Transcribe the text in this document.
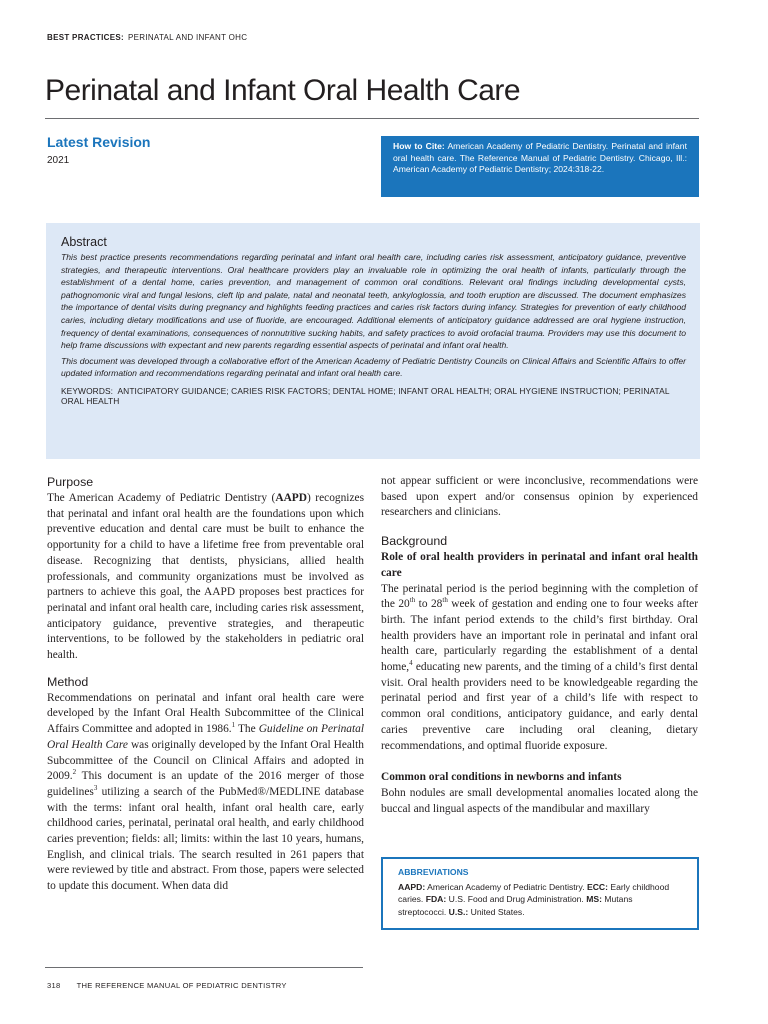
BEST PRACTICES: PERINATAL AND INFANT OHC
Perinatal and Infant Oral Health Care
Latest Revision
2021
How to Cite: American Academy of Pediatric Dentistry. Perinatal and infant oral health care. The Reference Manual of Pediatric Dentistry. Chicago, Ill.: American Academy of Pediatric Dentistry; 2024:318-22.
Abstract

This best practice presents recommendations regarding perinatal and infant oral health care, including caries risk assessment, anticipatory guidance, preventive strategies, and therapeutic interventions. Oral healthcare providers play an invaluable role in optimizing the oral health of infants, particularly through the establishment of a dental home, caries prevention, and management of common oral conditions. Relevant oral findings including developmental cysts, pathognomonic viral and fungal lesions, cleft lip and palate, natal and neonatal teeth, ankyloglossia, and tooth eruption are discussed. The document emphasizes the importance of dental visits during pregnancy and highlights feeding practices and caries risk factors during infancy. Strategies for prevention of early childhood caries, including dietary modifications and use of fluoride, are encouraged. Additional elements of anticipatory guidance addressed are oral hygiene instruction, frequency of dental examinations, consequences of nonnutritive sucking habits, and safety practices to avoid orofacial trauma. Providers may use this document to help frame discussions with expectant and new parents regarding essential aspects of perinatal and infant oral health.

This document was developed through a collaborative effort of the American Academy of Pediatric Dentistry Councils on Clinical Affairs and Scientific Affairs to offer updated information and recommendations regarding perinatal and infant oral health care.

KEYWORDS: ANTICIPATORY GUIDANCE; CARIES RISK FACTORS; DENTAL HOME; INFANT ORAL HEALTH; ORAL HYGIENE INSTRUCTION; PERINATAL ORAL HEALTH
Purpose

The American Academy of Pediatric Dentistry (AAPD) recognizes that perinatal and infant oral health are the foundations upon which preventive education and dental care must be built to enhance the opportunity for a child to have a lifetime free from preventable oral disease. Recognizing that dentists, physicians, allied health professionals, and community organizations must be involved as partners to achieve this goal, the AAPD proposes best practices for perinatal and infant oral health care, including caries risk assessment, anticipatory guidance, preventive strategies, and therapeutic interventions, to be followed by the stakeholders in pediatric oral health.

Method

Recommendations on perinatal and infant oral health care were developed by the Infant Oral Health Subcommittee of the Clinical Affairs Committee and adopted in 1986.$^1$ The Guideline on Perinatal Oral Health Care was originally developed by the Infant Oral Health Subcommittee of the Council on Clinical Affairs and adopted in 2009.$^2$ This document is an update of the 2016 merger of those guidelines$^3$ utilizing a search of the PubMed®/MEDLINE database with the terms: infant oral health, infant oral health care, early childhood caries, perinatal, perinatal oral health, and early childhood caries prevention; fields: all; limits: within the last 10 years, humans, English, and clinical trials. The search resulted in 261 papers that were reviewed by title and abstract. From those, papers were selected to update this document. When data did

not appear sufficient or were inconclusive, recommendations were based upon expert and/or consensus opinion by experienced researchers and clinicians.

Background
Role of oral health providers in perinatal and infant oral health care

The perinatal period is the period beginning with the completion of the 20th to 28th week of gestation and ending one to four weeks after birth. The infant period extends to the child’s first birthday. Oral health providers have an important role in perinatal and infant oral health care, particularly regarding the establishment of a dental home,$^4$ educating new parents, and the timing of a child’s first dental visit. Oral health providers need to be knowledgeable regarding the perinatal period and first year of a child’s life with respect to common oral conditions, anticipatory guidance, and early dental caries preventive care including oral cleaning, dietary recommendations, and optimal fluoride exposure.

Common oral conditions in newborns and infants

Bohn nodules are small developmental anomalies located along the buccal and lingual aspects of the mandibular and maxillary

ABBREVIATIONS
AAPD: American Academy of Pediatric Dentistry. ECC: Early childhood caries. FDA: U.S. Food and Drug Administration. MS: Mutans streptococci. U.S.: United States.
318 THE REFERENCE MANUAL OF PEDIATRIC DENTISTRY
